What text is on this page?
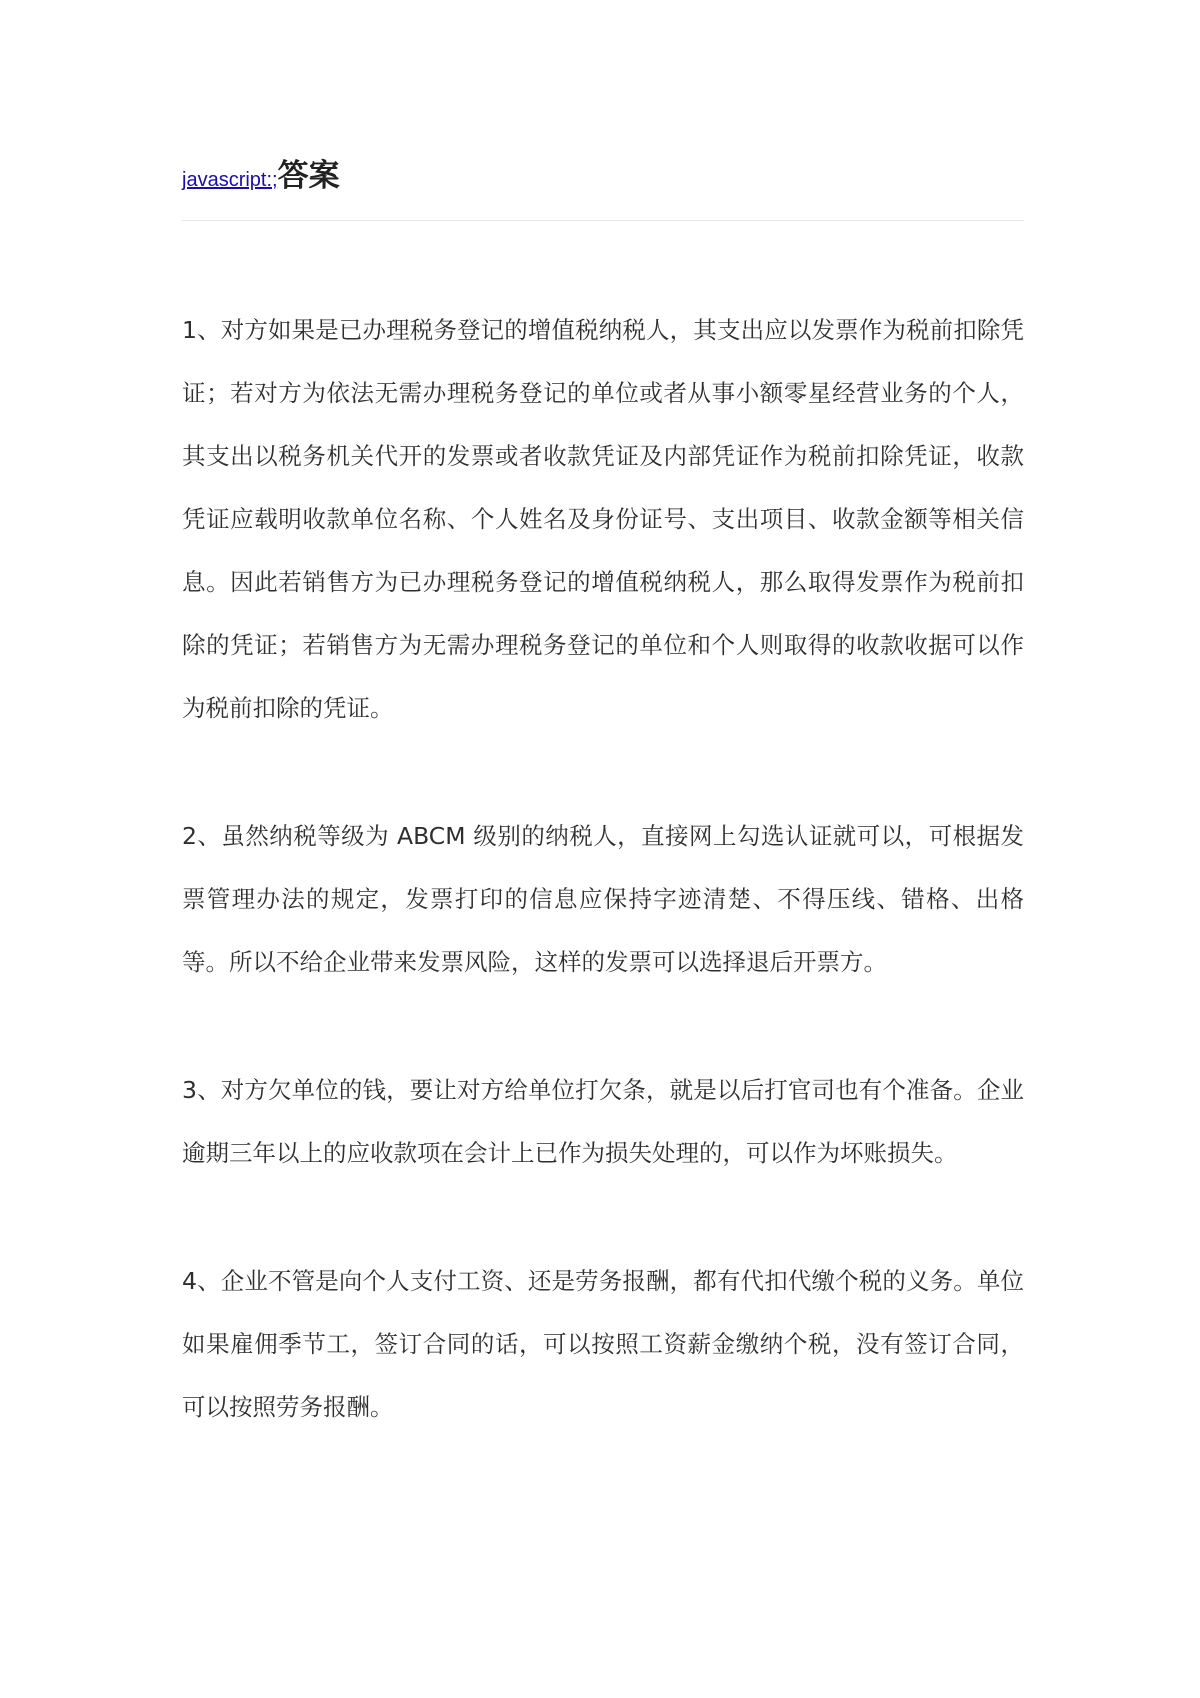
javascript:; 答案

1、对方如果是已办理税务登记的增值税纳税人，其支出应以发票作为税前扣除凭证；若对方为依法无需办理税务登记的单位或者从事小额零星经营业务的个人，其支出以税务机关代开的发票或者收款凭证及内部凭证作为税前扣除凭证，收款凭证应载明收款单位名称、个人姓名及身份证号、支出项目、收款金额等相关信息。因此若销售方为已办理税务登记的增值税纳税人，那么取得发票作为税前扣除的凭证；若销售方为无需办理税务登记的单位和个人则取得的收款收据可以作为税前扣除的凭证。

2、虽然纳税等级为 ABCM 级别的纳税人，直接网上勾选认证就可以，可根据发票管理办法的规定，发票打印的信息应保持字迹清楚、不得压线、错格、出格等。所以不给企业带来发票风险，这样的发票可以选择退后开票方。

3、对方欠单位的钱，要让对方给单位打欠条，就是以后打官司也有个准备。企业逾期三年以上的应收款项在会计上已作为损失处理的，可以作为坏账损失。

4、企业不管是向个人支付工资、还是劳务报酬，都有代扣代缴个税的义务。单位如果雇佣季节工，签订合同的话，可以按照工资薪金缴纳个税，没有签订合同，可以按照劳务报酬。
